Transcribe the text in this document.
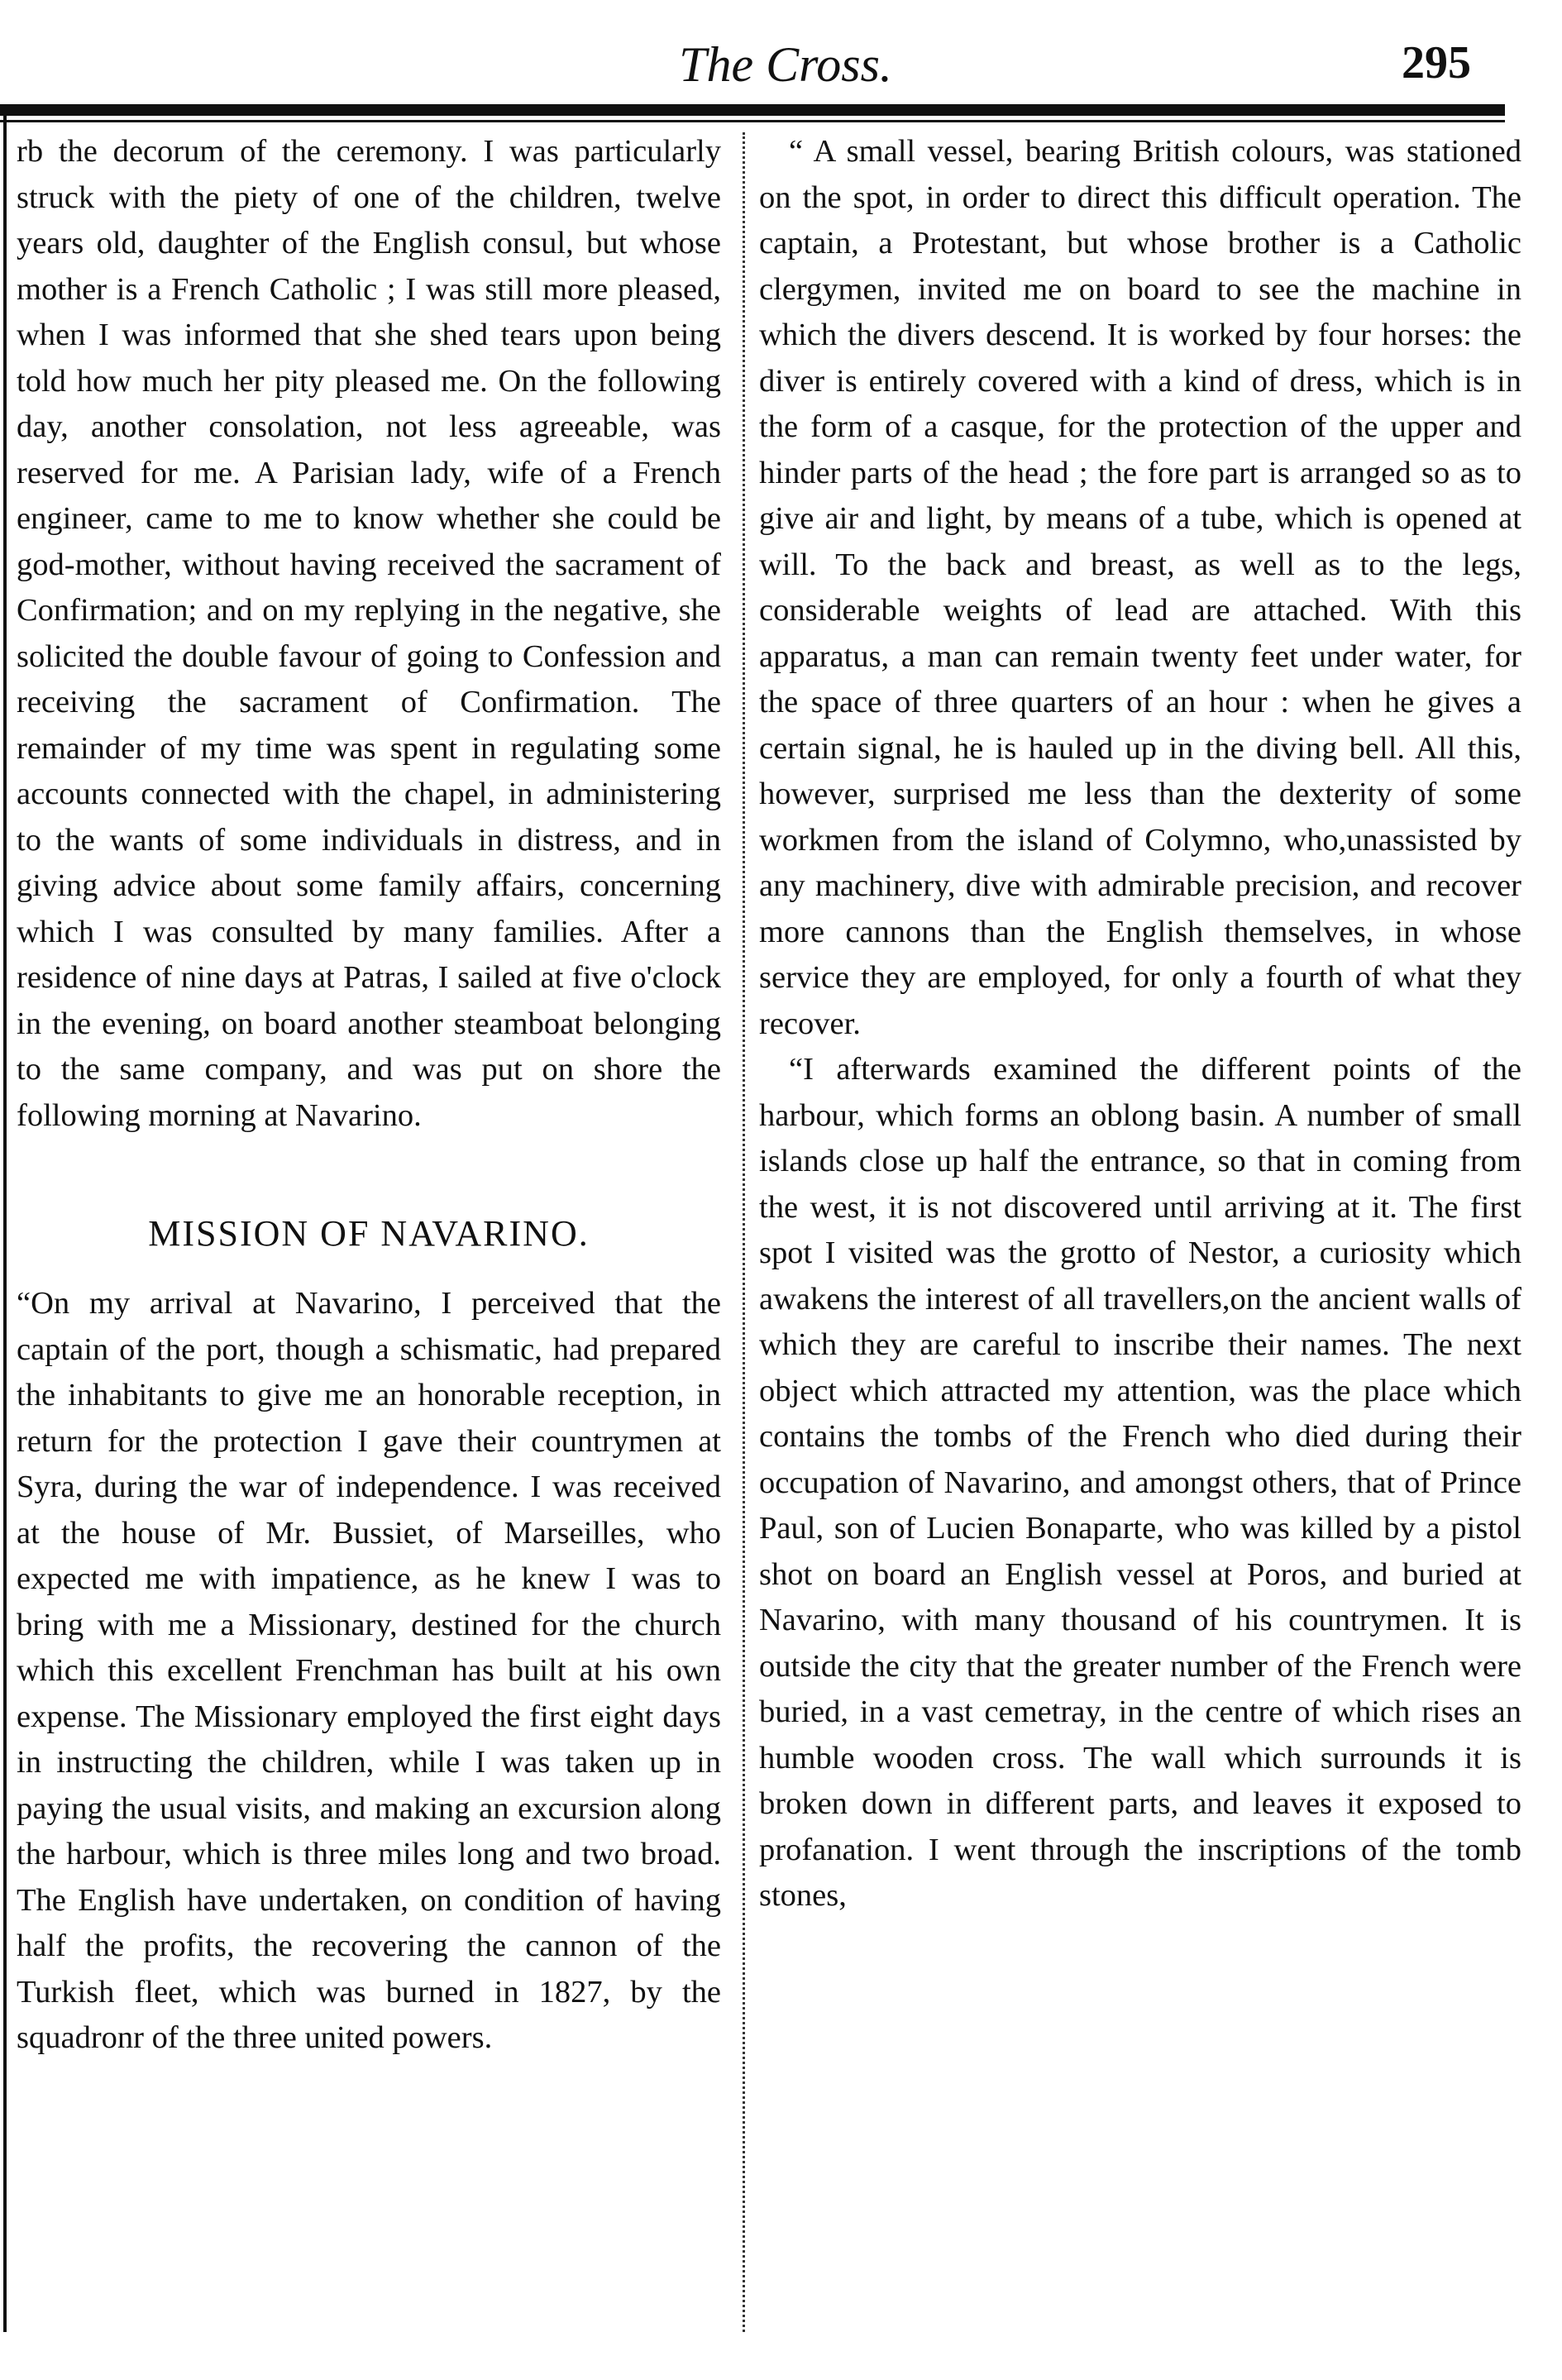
The Cross.	295

rb the decorum of the ceremony. I was particularly struck with the piety of one of the children, twelve years old, daughter of the English consul, but whose mother is a French Catholic ; I was still more pleased, when I was informed that she shed tears upon being told how much her pity pleased me. On the following day, another consolation, not less agreeable, was reserved for me. A Parisian lady, wife of a French engineer, came to me to know whether she could be god-mother, without having received the sacrament of Confirmation; and on my replying in the negative, she solicited the double favour of going to Confession and receiving the sacrament of Confirmation. The remainder of my time was spent in regulating some accounts connected with the chapel, in administering to the wants of some individuals in distress, and in giving advice about some family affairs, concerning which I was consulted by many families. After a residence of nine days at Patras, I sailed at five o'clock in the evening, on board another steamboat belonging to the same company, and was put on shore the following morning at Navarino.

MISSION OF NAVARINO.

“On my arrival at Navarino, I perceived that the captain of the port, though a schismatic, had prepared the inhabitants to give me an honorable reception, in return for the protection I gave their countrymen at Syra, during the war of independence. I was received at the house of Mr. Bussiet, of Marseilles, who expected me with impatience, as he knew I was to bring with me a Missionary, destined for the church which this excellent Frenchman has built at his own expense. The Missionary employed the first eight days in instructing the children, while I was taken up in paying the usual visits, and making an excursion along the harbour, which is three miles long and two broad. The English have undertaken, on condition of having half the profits, the recovering the cannon of the Turkish fleet, which was burned in 1827, by the squadronr of the three united powers.

“ A small vessel, bearing British colours, was stationed on the spot, in order to direct this difficult operation. The captain, a Protestant, but whose brother is a Catholic clergymen, invited me on board to see the machine in which the divers descend. It is worked by four horses: the diver is entirely covered with a kind of dress, which is in the form of a casque, for the protection of the upper and hinder parts of the head ; the fore part is arranged so as to give air and light, by means of a tube, which is opened at will. To the back and breast, as well as to the legs, considerable weights of lead are attached. With this apparatus, a man can remain twenty feet under water, for the space of three quarters of an hour : when he gives a certain signal, he is hauled up in the diving bell. All this, however, surprised me less than the dexterity of some workmen from the island of Colymno, who,unassisted by any machinery, dive with admirable precision, and recover more cannons than the English themselves, in whose service they are employed, for only a fourth of what they recover.

“I afterwards examined the different points of the harbour, which forms an oblong basin. A number of small islands close up half the entrance, so that in coming from the west, it is not discovered until arriving at it. The first spot I visited was the grotto of Nestor, a curiosity which awakens the interest of all travellers,on the ancient walls of which they are careful to inscribe their names. The next object which attracted my attention, was the place which contains the tombs of the French who died during their occupation of Navarino, and amongst others, that of Prince Paul, son of Lucien Bonaparte, who was killed by a pistol shot on board an English vessel at Poros, and buried at Navarino, with many thousand of his countrymen. It is outside the city that the greater number of the French were buried, in a vast cemetray, in the centre of which rises an humble wooden cross. The wall which surrounds it is broken down in different parts, and leaves it exposed to profanation. I went through the inscriptions of the tomb stones,
